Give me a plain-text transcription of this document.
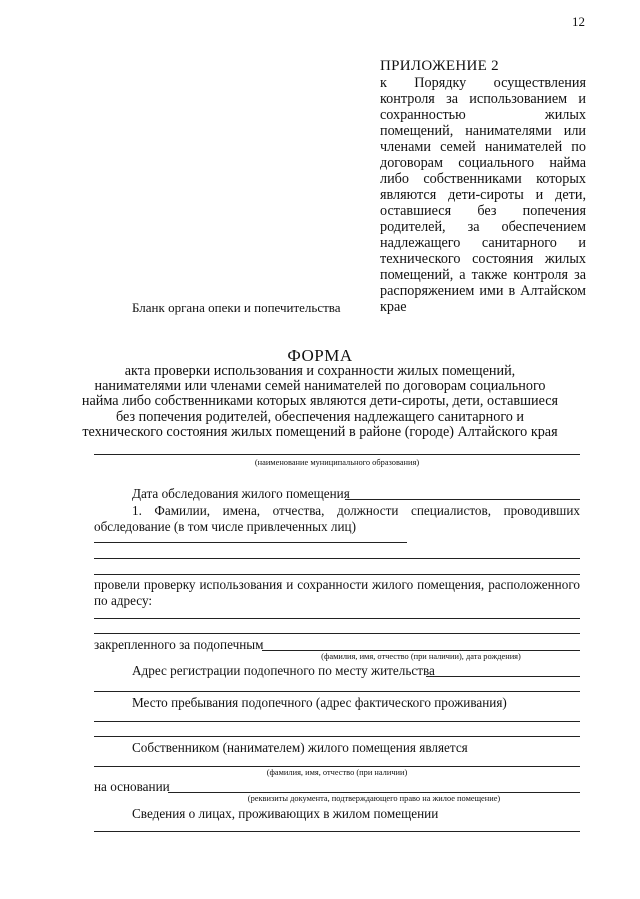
12
ПРИЛОЖЕНИЕ 2
к Порядку осуществления контроля за использованием и сохранностью жилых помещений, нанимателями или членами семей нанимателей по договорам социального найма либо собственниками которых являются дети-сироты и дети, оставшиеся без попечения родителей, за обеспечением надлежащего санитарного и технического состояния жилых помещений, а также контроля за распоряжением ими в Алтайском крае
Бланк органа опеки и попечительства
ФОРМА
акта проверки использования и сохранности жилых помещений, нанимателями или членами семей нанимателей по договорам социального найма либо собственниками которых являются дети-сироты, дети, оставшиеся без попечения родителей, обеспечения надлежащего санитарного и технического состояния жилых помещений в районе (городе) Алтайского края
(наименование муниципального образования)
Дата обследования жилого помещения
1. Фамилии, имена, отчества, должности специалистов, проводивших обследование (в том числе привлеченных лиц)
провели проверку использования и сохранности жилого помещения, расположенного по адресу:
закрепленного за подопечным
(фамилия, имя, отчество (при наличии), дата рождения)
Адрес регистрации подопечного по месту жительства
Место пребывания подопечного (адрес фактического проживания)
Собственником (нанимателем) жилого помещения является
(фамилия, имя, отчество (при наличии)
на основании
(реквизиты документа, подтверждающего право на жилое помещение)
Сведения о лицах, проживающих в жилом помещении
